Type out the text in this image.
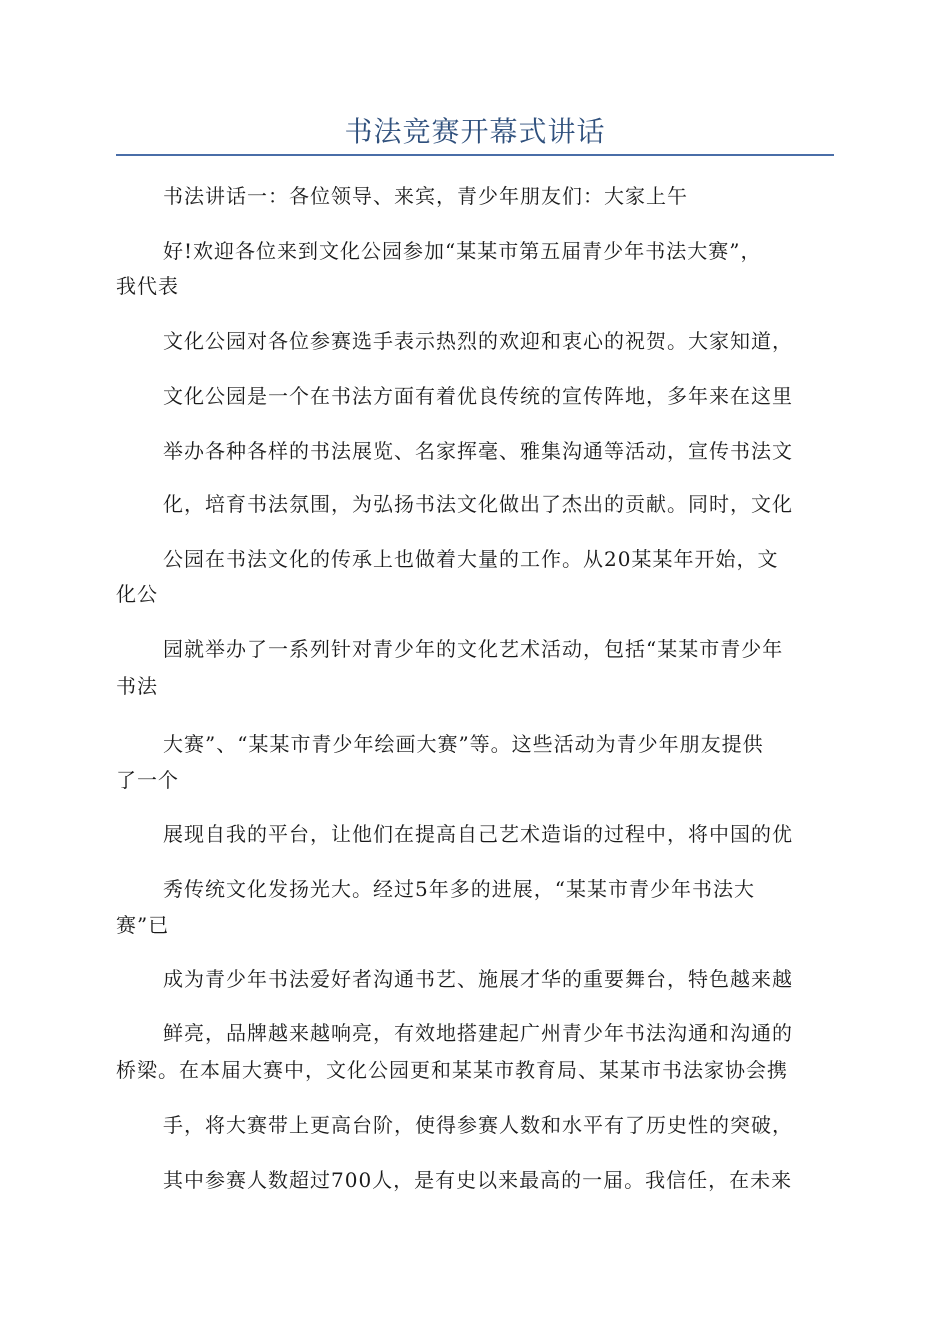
书法竞赛开幕式讲话
书法讲话一：各位领导、来宾，青少年朋友们：大家上午
好!欢迎各位来到文化公园参加“某某市第五届青少年书法大赛”，
我代表
文化公园对各位参赛选手表示热烈的欢迎和衷心的祝贺。大家知道，
文化公园是一个在书法方面有着优良传统的宣传阵地，多年来在这里
举办各种各样的书法展览、名家挥毫、雅集沟通等活动，宣传书法文
化，培育书法氛围，为弘扬书法文化做出了杰出的贡献。同时，文化
公园在书法文化的传承上也做着大量的工作。从20某某年开始，文
化公
园就举办了一系列针对青少年的文化艺术活动，包括“某某市青少年
书法
大赛”、“某某市青少年绘画大赛”等。这些活动为青少年朋友提供
了一个
展现自我的平台，让他们在提高自己艺术造诣的过程中，将中国的优
秀传统文化发扬光大。经过5年多的进展，“某某市青少年书法大
赛”已
成为青少年书法爱好者沟通书艺、施展才华的重要舞台，特色越来越
鲜亮，品牌越来越响亮，有效地搭建起广州青少年书法沟通和沟通的
桥梁。在本届大赛中，文化公园更和某某市教育局、某某市书法家协会携
手，将大赛带上更高台阶，使得参赛人数和水平有了历史性的突破，
其中参赛人数超过700人，是有史以来最高的一届。我信任，在未来
